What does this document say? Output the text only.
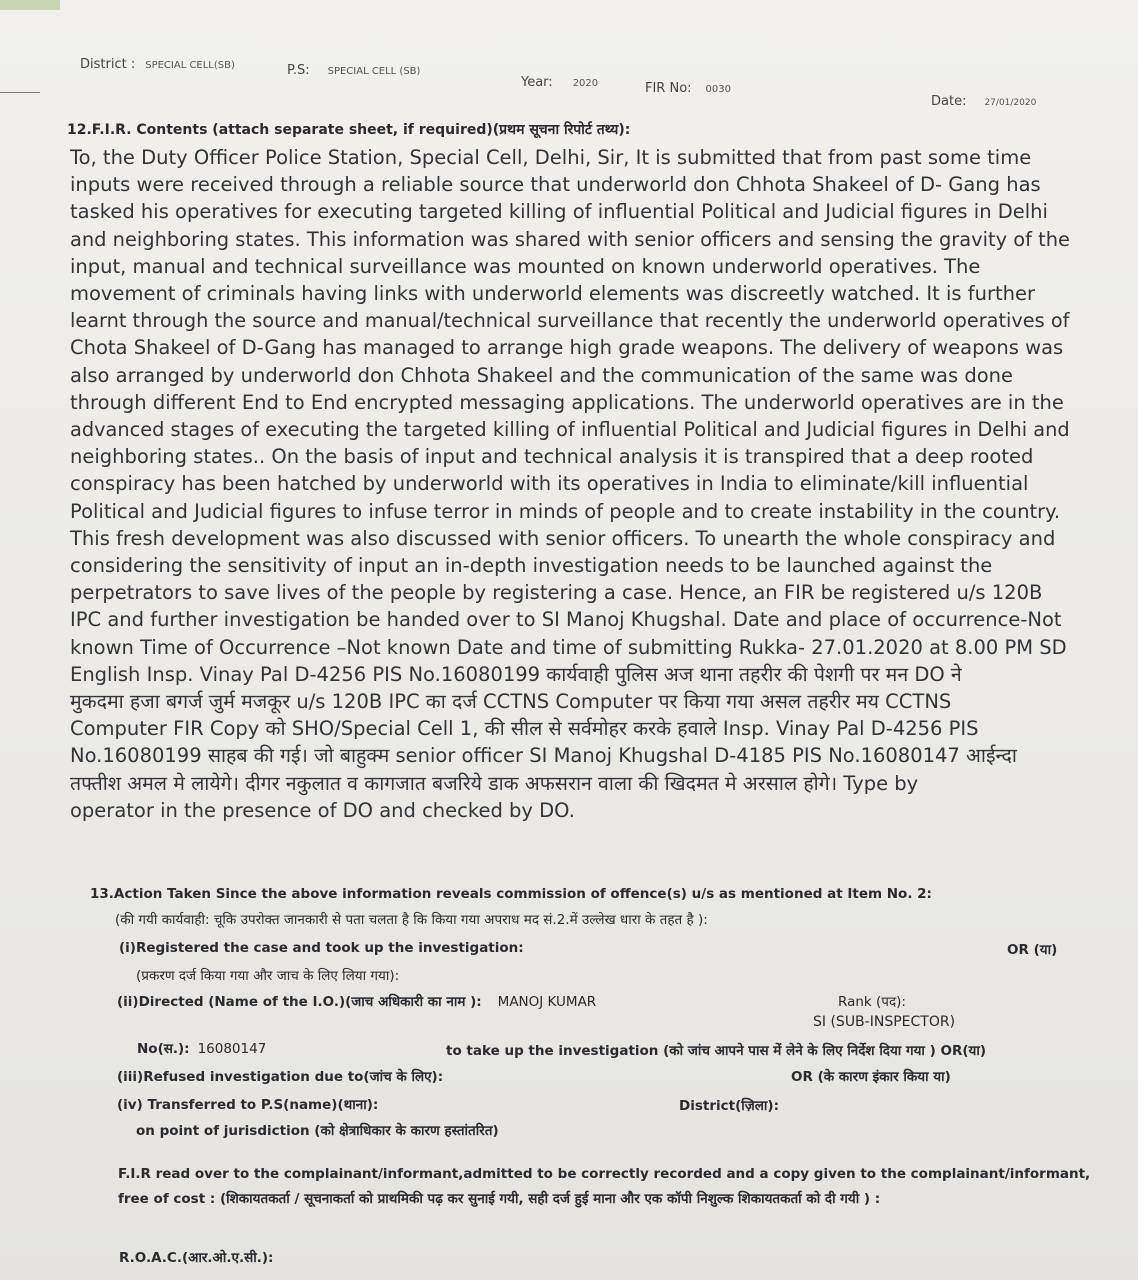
District : SPECIAL CELL(SB)	P.S: SPECIAL CELL (SB)
Year: 2020	FIR No: 0030
Date: 27/01/2020
12.F.I.R. Contents (attach separate sheet, if required)(प्रथम सूचना रिपोर्ट तथ्य):
To, the Duty Officer Police Station, Special Cell, Delhi, Sir, It is submitted that from past some time
inputs were received through a reliable source that underworld don Chhota Shakeel of D- Gang has
tasked his operatives for executing targeted killing of influential Political and Judicial figures in Delhi
and neighboring states. This information was shared with senior officers and sensing the gravity of the
input, manual and technical surveillance was mounted on known underworld operatives. The
movement of criminals having links with underworld elements was discreetly watched. It is further
learnt through the source and manual/technical surveillance that recently the underworld operatives of
Chota Shakeel of D-Gang has managed to arrange high grade weapons. The delivery of weapons was
also arranged by underworld don Chhota Shakeel and the communication of the same was done
through different End to End encrypted messaging applications. The underworld operatives are in the
advanced stages of executing the targeted killing of influential Political and Judicial figures in Delhi and
neighboring states.. On the basis of input and technical analysis it is transpired that a deep rooted
conspiracy has been hatched by underworld with its operatives in India to eliminate/kill influential
Political and Judicial figures to infuse terror in minds of people and to create instability in the country.
This fresh development was also discussed with senior officers. To unearth the whole conspiracy and
considering the sensitivity of input an in-depth investigation needs to be launched against the
perpetrators to save lives of the people by registering a case. Hence, an FIR be registered u/s 120B
IPC and further investigation be handed over to SI Manoj Khugshal. Date and place of occurrence-Not
known Time of Occurrence –Not known Date and time of submitting Rukka- 27.01.2020 at 8.00 PM SD
English Insp. Vinay Pal D-4256 PIS No.16080199 कार्यवाही पुलिस अज थाना तहरीर की पेशगी पर मन DO ने
मुकदमा हजा बगर्ज जुर्म मजकूर u/s 120B IPC का दर्ज CCTNS Computer पर किया गया असल तहरीर मय CCTNS
Computer FIR Copy को SHO/Special Cell 1, की सील से सर्वमोहर करके हवाले Insp. Vinay Pal D-4256 PIS
No.16080199 साहब की गई। जो बाहुक्म senior officer SI Manoj Khugshal D-4185 PIS No.16080147 आईन्दा
तफ्तीश अमल मे लायेगे। दीगर नकुलात व कागजात बजरिये डाक अफसरान वाला की खिदमत मे अरसाल होगे। Type by
operator in the presence of DO and checked by DO.
13.Action Taken Since the above information reveals commission of offence(s) u/s as mentioned at Item No. 2:
(की गयी कार्यवाही: चूकि उपरोक्त जानकारी से पता चलता है कि किया गया अपराध मद सं.2.में उल्लेख धारा के तहत है ):
(i)Registered the case and took up the investigation:	OR (या)
(प्रकरण दर्ज किया गया और जाच के लिए लिया गया):
(ii)Directed (Name of the I.O.)(जाच अधिकारी का नाम ): MANOJ KUMAR	Rank (पद):
SI (SUB-INSPECTOR)
No(स.): 16080147	to take up the investigation (को जांच आपने पास में लेने के लिए निर्देश दिया गया ) OR(या)
(iii)Refused investigation due to(जांच के लिए):	OR (के कारण इंकार किया या)
(iv) Transferred to P.S(name)(थाना):	District(ज़िला):
on point of jurisdiction (को क्षेत्राधिकार के कारण हस्तांतरित)
F.I.R read over to the complainant/informant,admitted to be correctly recorded and a copy given to the complainant/informant,
free of cost : (शिकायतकर्ता / सूचनाकर्ता को प्राथमिकी पढ़ कर सुनाई गयी, सही दर्ज हुई माना और एक कॉपी निशुल्क शिकायतकर्ता को दी गयी ) :
R.O.A.C.(आर.ओ.ए.सी.):
